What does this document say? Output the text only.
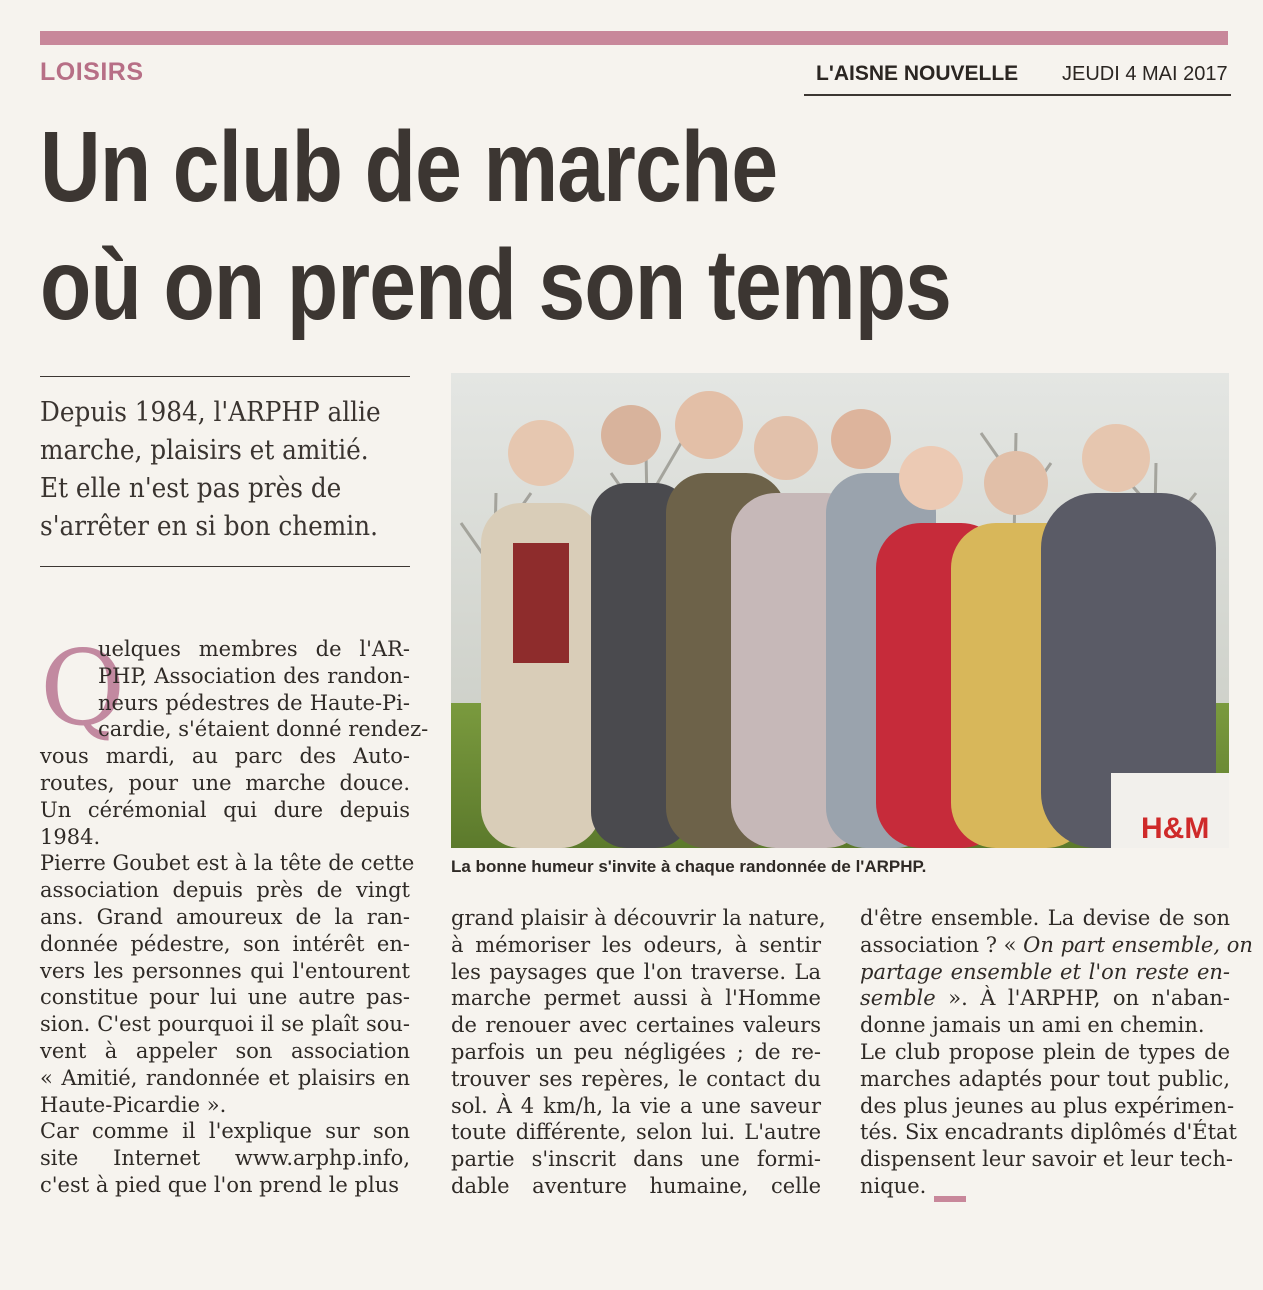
LOISIRS	L'AISNE NOUVELLE JEUDI 4 MAI 2017
Un club de marche
où on prend son temps
Depuis 1984, l'ARPHP allie
marche, plaisirs et amitié.
Et elle n'est pas près de
s'arrêter en si bon chemin.
Q
uelques membres de l'AR-
PHP, Association des randon-
neurs pédestres de Haute-Pi-
cardie, s'étaient donné rendez-
vous mardi, au parc des Auto-
routes, pour une marche douce.
Un cérémonial qui dure depuis
1984.
Pierre Goubet est à la tête de cette
association depuis près de vingt
ans. Grand amoureux de la ran-
donnée pédestre, son intérêt en-
vers les personnes qui l'entourent
constitue pour lui une autre pas-
sion. C'est pourquoi il se plaît sou-
vent à appeler son association
« Amitié, randonnée et plaisirs en
Haute-Picardie ».
Car comme il l'explique sur son
site Internet www.arphp.info,
c'est à pied que l'on prend le plus
H&M
La bonne humeur s'invite à chaque randonnée de l'ARPHP.
grand plaisir à découvrir la nature,
à mémoriser les odeurs, à sentir
les paysages que l'on traverse. La
marche permet aussi à l'Homme
de renouer avec certaines valeurs
parfois un peu négligées ; de re-
trouver ses repères, le contact du
sol. À 4 km/h, la vie a une saveur
toute différente, selon lui. L'autre
partie s'inscrit dans une formi-
dable aventure humaine, celle
d'être ensemble. La devise de son
association ? « On part ensemble, on
partage ensemble et l'on reste en-
semble ». À l'ARPHP, on n'aban-
donne jamais un ami en chemin.
Le club propose plein de types de
marches adaptés pour tout public,
des plus jeunes au plus expérimen-
tés. Six encadrants diplômés d'État
dispensent leur savoir et leur tech-
nique.
